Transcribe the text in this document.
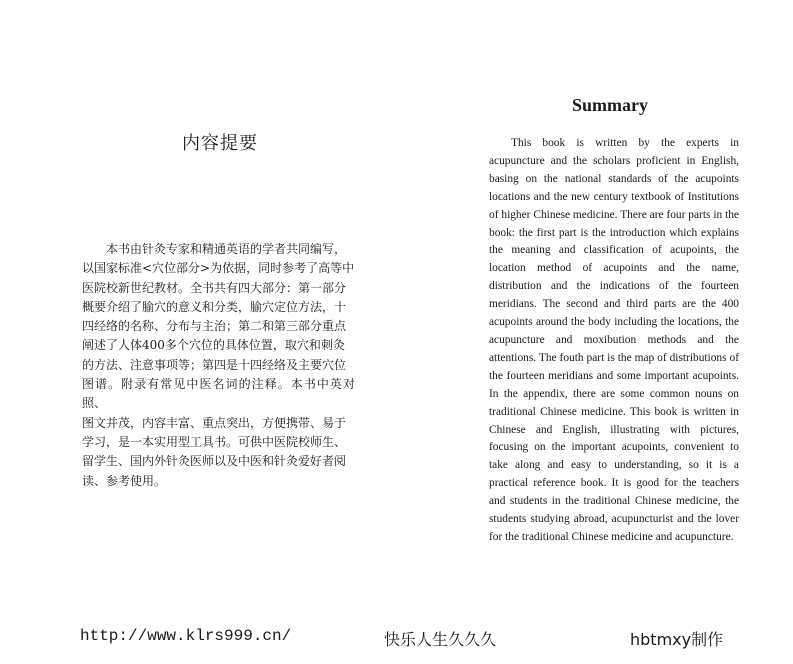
内容提要
　　本书由针灸专家和精通英语的学者共同编写，
以国家标准<穴位部分>为依据，同时参考了高等中
医院校新世纪教材。全书共有四大部分：第一部分
概要介绍了腧穴的意义和分类，腧穴定位方法，十
四经络的名称、分布与主治；第二和第三部分重点
阐述了人体400多个穴位的具体位置，取穴和刺灸
的方法、注意事项等；第四是十四经络及主要穴位
图谱。附录有常见中医名词的注释。本书中英对照、
图文并茂，内容丰富、重点突出，方便携带、易于
学习，是一本实用型工具书。可供中医院校师生、
留学生、国内外针灸医师以及中医和针灸爱好者阅
读、参考使用。
Summary
This book is written by the experts in acupuncture and the scholars proficient in English, basing on the national standards of the acupoints locations and the new century textbook of Institutions of higher Chinese medicine. There are four parts in the book: the first part is the introduction which explains the meaning and classification of acupoints, the location method of acupoints and the name, distribution and the indications of the fourteen meridians. The second and third parts are the 400 acupoints around the body including the locations, the acupuncture and moxibution methods and the attentions. The fouth part is the map of distributions of the fourteen meridians and some important acupoints. In the appendix, there are some common nouns on traditional Chinese medicine. This book is written in Chinese and English, illustrating with pictures, focusing on the important acupoints, convenient to take along and easy to understanding, so it is a practical reference book. It is good for the teachers and students in the traditional Chinese medicine, the students studying abroad, acupuncturist and the lover for the traditional Chinese medicine and acupuncture.
http://www.klrs999.cn/	快乐人生久久久	hbtmxy制作
